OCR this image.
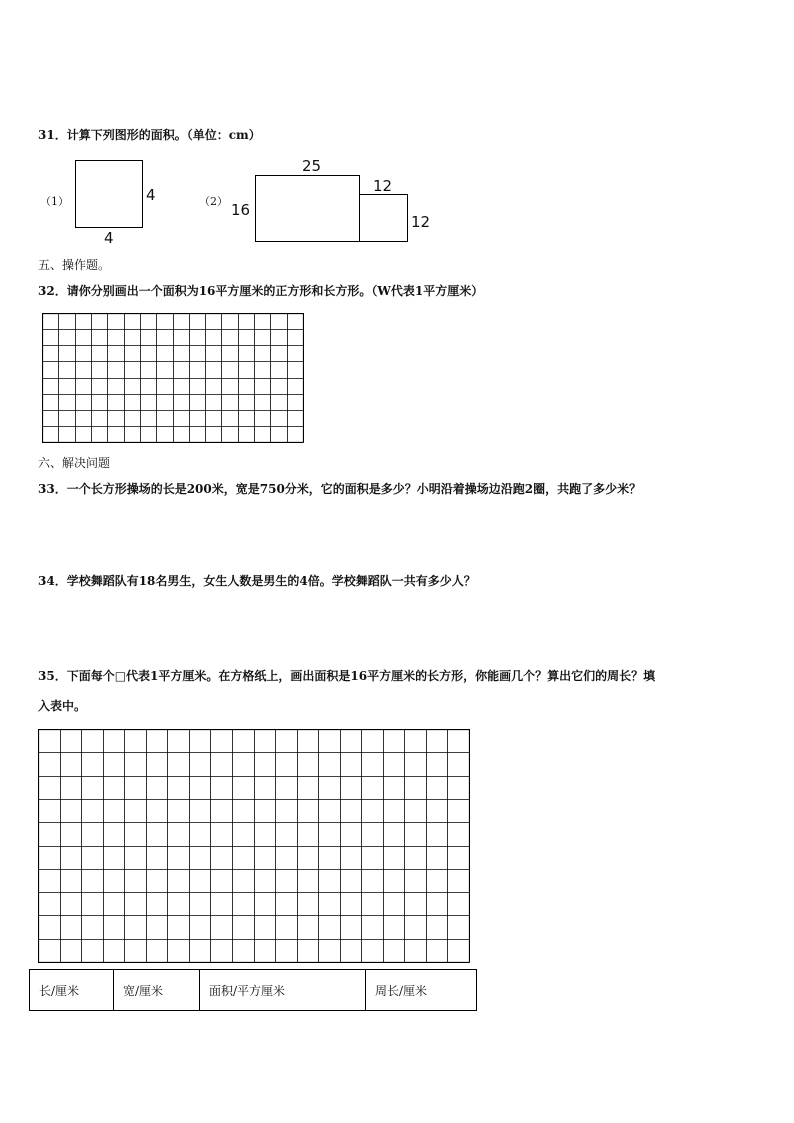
31．计算下列图形的面积。（单位：cm）
（1）	4
4
（2）
25
16
12
12
五、操作题。
32．请你分别画出一个面积为16平方厘米的正方形和长方形。（W代表1平方厘米）
六、解决问题
33．一个长方形操场的长是200米，宽是750分米，它的面积是多少？小明沿着操场边沿跑2圈，共跑了多少米？
34．学校舞蹈队有18名男生，女生人数是男生的4倍。学校舞蹈队一共有多少人？
35．下面每个□代表1平方厘米。在方格纸上，画出面积是16平方厘米的长方形，你能画几个？算出它们的周长？填
入表中。
长/厘米	宽/厘米	面积/平方厘米	周长/厘米
